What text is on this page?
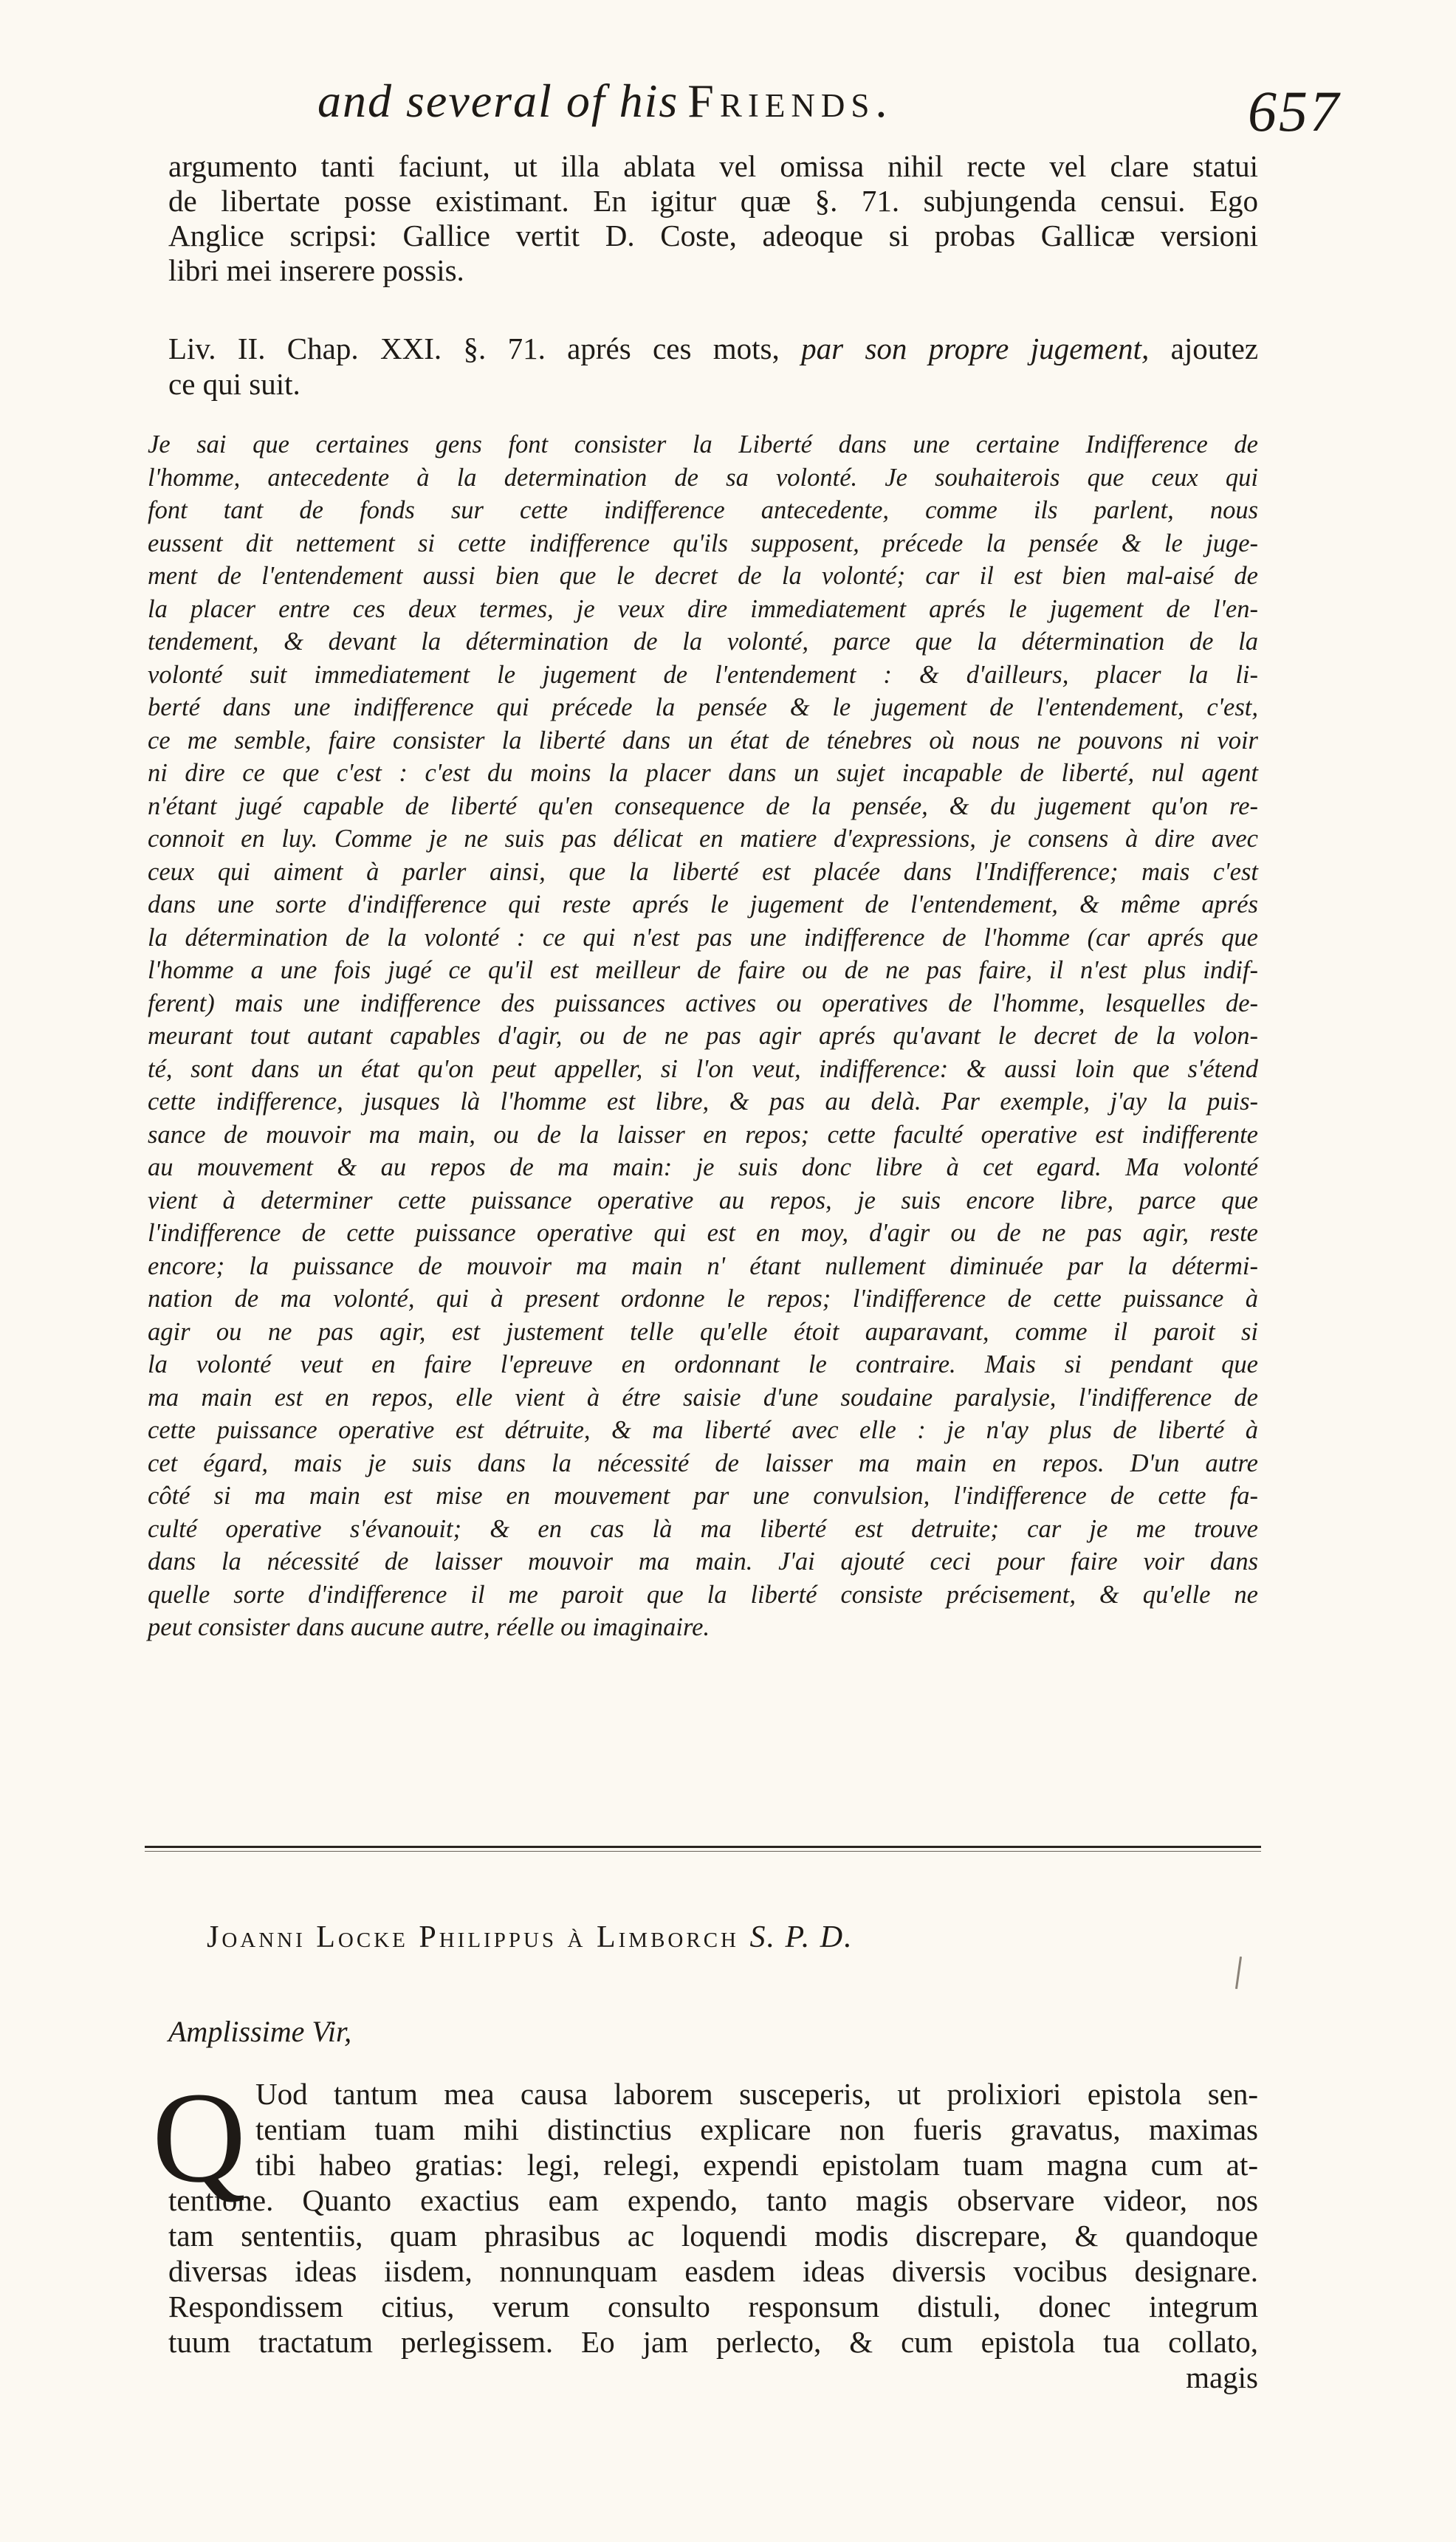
and several of his Friends.	657
argumento tanti faciunt, ut illa ablata vel omissa nihil recte vel clare statui
de libertate posse existimant. En igitur quæ §. 71. subjungenda censui. Ego
Anglice scripsi: Gallice vertit D. Coste, adeoque si probas Gallicæ versioni
libri mei inserere possis.
Liv. II. Chap. XXI. §. 71. aprés ces mots, par son propre jugement, ajoutez
ce qui suit.
Je sai que certaines gens font consister la Liberté dans une certaine Indifference de
l'homme, antecedente à la determination de sa volonté. Je souhaiterois que ceux qui
font tant de fonds sur cette indifference antecedente, comme ils parlent, nous
eussent dit nettement si cette indifference qu'ils supposent, précede la pensée & le juge-
ment de l'entendement aussi bien que le decret de la volonté; car il est bien mal-aisé de
la placer entre ces deux termes, je veux dire immediatement aprés le jugement de l'en-
tendement, & devant la détermination de la volonté, parce que la détermination de la
volonté suit immediatement le jugement de l'entendement : & d'ailleurs, placer la li-
berté dans une indifference qui précede la pensée & le jugement de l'entendement, c'est,
ce me semble, faire consister la liberté dans un état de ténebres où nous ne pouvons ni voir
ni dire ce que c'est : c'est du moins la placer dans un sujet incapable de liberté, nul agent
n'étant jugé capable de liberté qu'en consequence de la pensée, & du jugement qu'on re-
connoit en luy. Comme je ne suis pas délicat en matiere d'expressions, je consens à dire avec
ceux qui aiment à parler ainsi, que la liberté est placée dans l'Indifference; mais c'est
dans une sorte d'indifference qui reste aprés le jugement de l'entendement, & même aprés
la détermination de la volonté : ce qui n'est pas une indifference de l'homme (car aprés que
l'homme a une fois jugé ce qu'il est meilleur de faire ou de ne pas faire, il n'est plus indif-
ferent) mais une indifference des puissances actives ou operatives de l'homme, lesquelles de-
meurant tout autant capables d'agir, ou de ne pas agir aprés qu'avant le decret de la volon-
té, sont dans un état qu'on peut appeller, si l'on veut, indifference: & aussi loin que s'étend
cette indifference, jusques là l'homme est libre, & pas au delà. Par exemple, j'ay la puis-
sance de mouvoir ma main, ou de la laisser en repos; cette faculté operative est indifferente
au mouvement & au repos de ma main: je suis donc libre à cet egard. Ma volonté
vient à determiner cette puissance operative au repos, je suis encore libre, parce que
l'indifference de cette puissance operative qui est en moy, d'agir ou de ne pas agir, reste
encore; la puissance de mouvoir ma main n' étant nullement diminuée par la détermi-
nation de ma volonté, qui à present ordonne le repos; l'indifference de cette puissance à
agir ou ne pas agir, est justement telle qu'elle étoit auparavant, comme il paroit si
la volonté veut en faire l'epreuve en ordonnant le contraire. Mais si pendant que
ma main est en repos, elle vient à étre saisie d'une soudaine paralysie, l'indifference de
cette puissance operative est détruite, & ma liberté avec elle : je n'ay plus de liberté à
cet égard, mais je suis dans la nécessité de laisser ma main en repos. D'un autre
côté si ma main est mise en mouvement par une convulsion, l'indifference de cette fa-
culté operative s'évanouit; & en cas là ma liberté est detruite; car je me trouve
dans la nécessité de laisser mouvoir ma main. J'ai ajouté ceci pour faire voir dans
quelle sorte d'indifference il me paroit que la liberté consiste précisement, & qu'elle ne
peut consister dans aucune autre, réelle ou imaginaire.
Joanni Locke Philippus à Limborch S. P. D.
Amplissime Vir,
Q Uod tantum mea causa laborem susceperis, ut prolixiori epistola sen-
tentiam tuam mihi distinctius explicare non fueris gravatus, maximas
tibi habeo gratias: legi, relegi, expendi epistolam tuam magna cum at-
tentione. Quanto exactius eam expendo, tanto magis observare videor, nos
tam sententiis, quam phrasibus ac loquendi modis discrepare, & quandoque
diversas ideas iisdem, nonnunquam easdem ideas diversis vocibus designare.
Respondissem citius, verum consulto responsum distuli, donec integrum
tuum tractatum perlegissem. Eo jam perlecto, & cum epistola tua collato,
magis
